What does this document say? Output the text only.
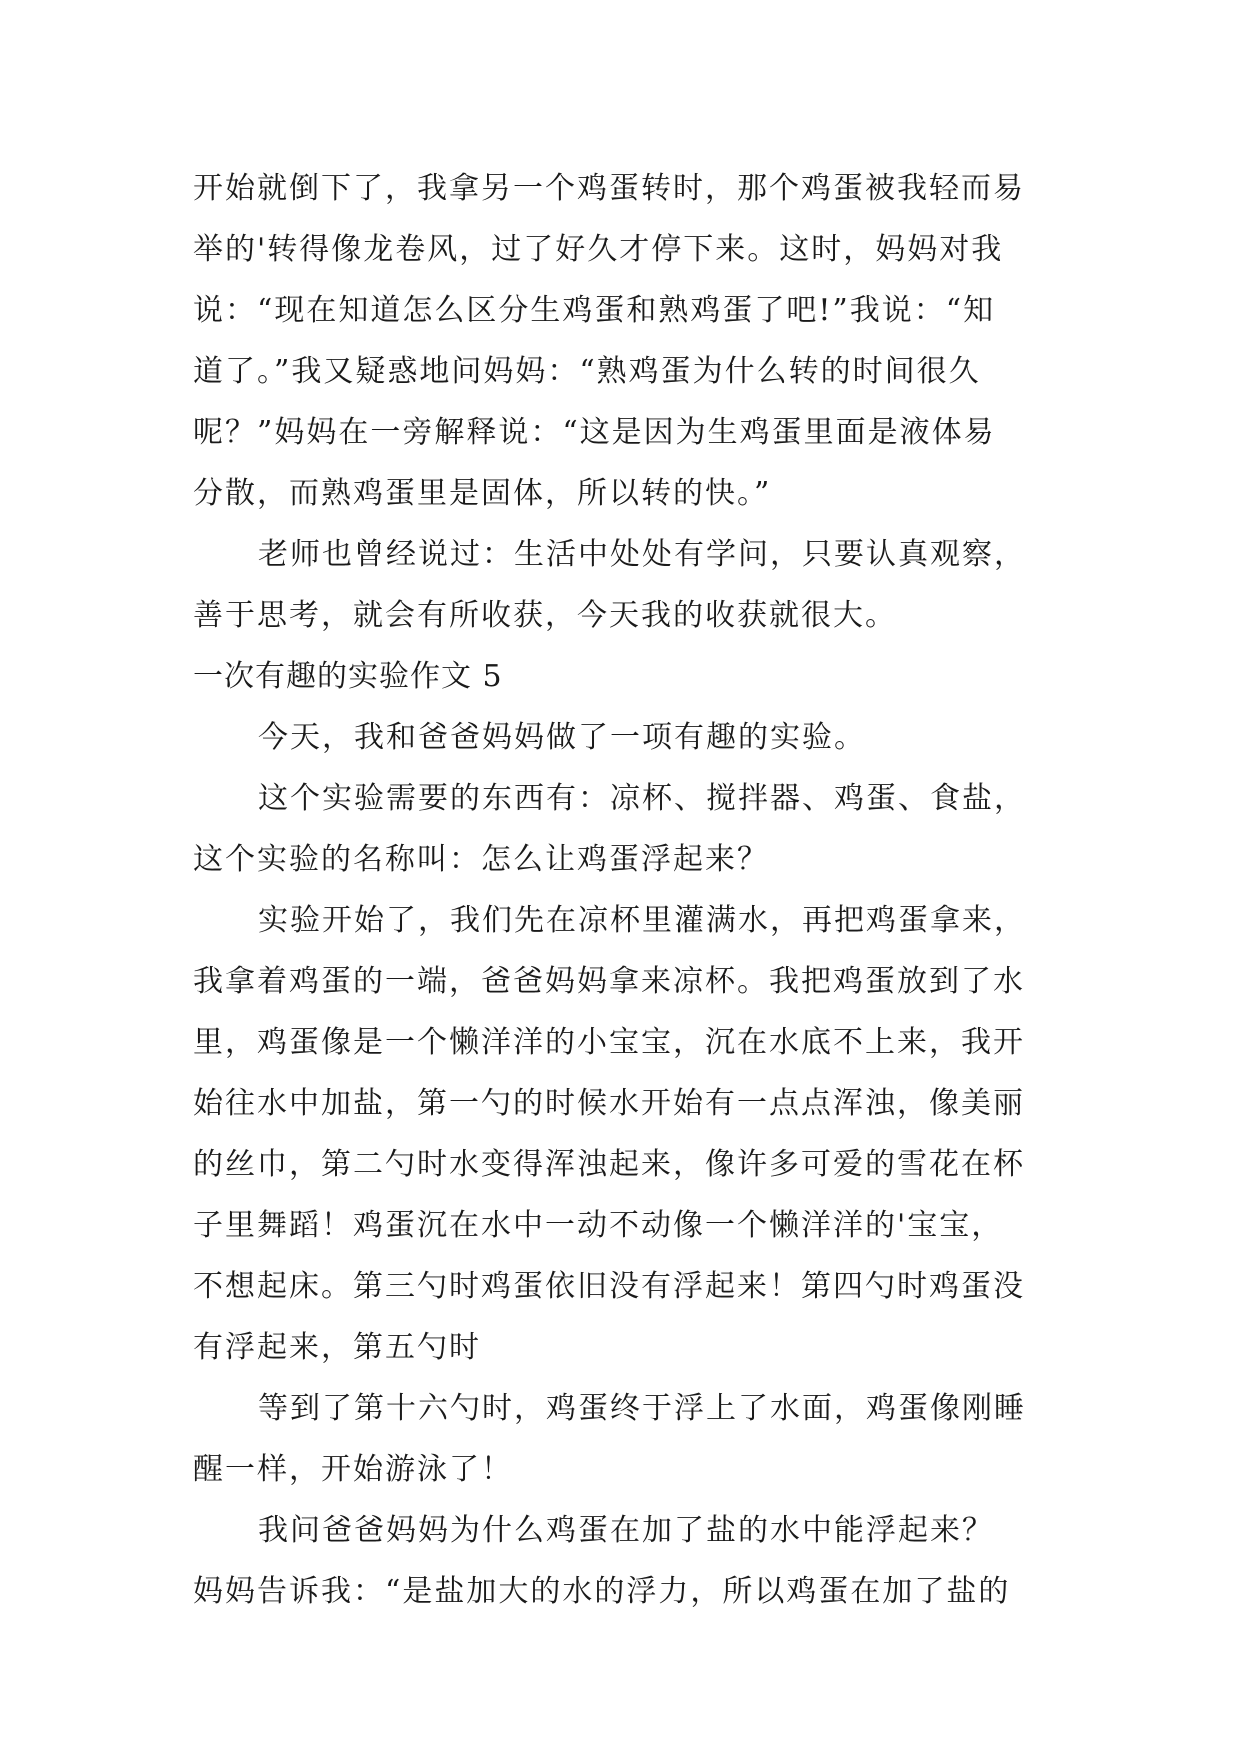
开始就倒下了，我拿另一个鸡蛋转时，那个鸡蛋被我轻而易
举的'转得像龙卷风，过了好久才停下来。这时，妈妈对我
说：“现在知道怎么区分生鸡蛋和熟鸡蛋了吧!”我说：“知
道了。”我又疑惑地问妈妈：“熟鸡蛋为什么转的时间很久
呢？”妈妈在一旁解释说：“这是因为生鸡蛋里面是液体易
分散，而熟鸡蛋里是固体，所以转的快。”
老师也曾经说过：生活中处处有学问，只要认真观察，
善于思考，就会有所收获，今天我的收获就很大。
一次有趣的实验作文 5
今天，我和爸爸妈妈做了一项有趣的实验。
这个实验需要的东西有：凉杯、搅拌器、鸡蛋、食盐，
这个实验的名称叫：怎么让鸡蛋浮起来？
实验开始了，我们先在凉杯里灌满水，再把鸡蛋拿来，
我拿着鸡蛋的一端，爸爸妈妈拿来凉杯。我把鸡蛋放到了水
里，鸡蛋像是一个懒洋洋的小宝宝，沉在水底不上来，我开
始往水中加盐，第一勺的时候水开始有一点点浑浊，像美丽
的丝巾，第二勺时水变得浑浊起来，像许多可爱的雪花在杯
子里舞蹈！鸡蛋沉在水中一动不动像一个懒洋洋的'宝宝，
不想起床。第三勺时鸡蛋依旧没有浮起来！第四勺时鸡蛋没
有浮起来，第五勺时
等到了第十六勺时，鸡蛋终于浮上了水面，鸡蛋像刚睡
醒一样，开始游泳了！
我问爸爸妈妈为什么鸡蛋在加了盐的水中能浮起来？
妈妈告诉我：“是盐加大的水的浮力，所以鸡蛋在加了盐的
